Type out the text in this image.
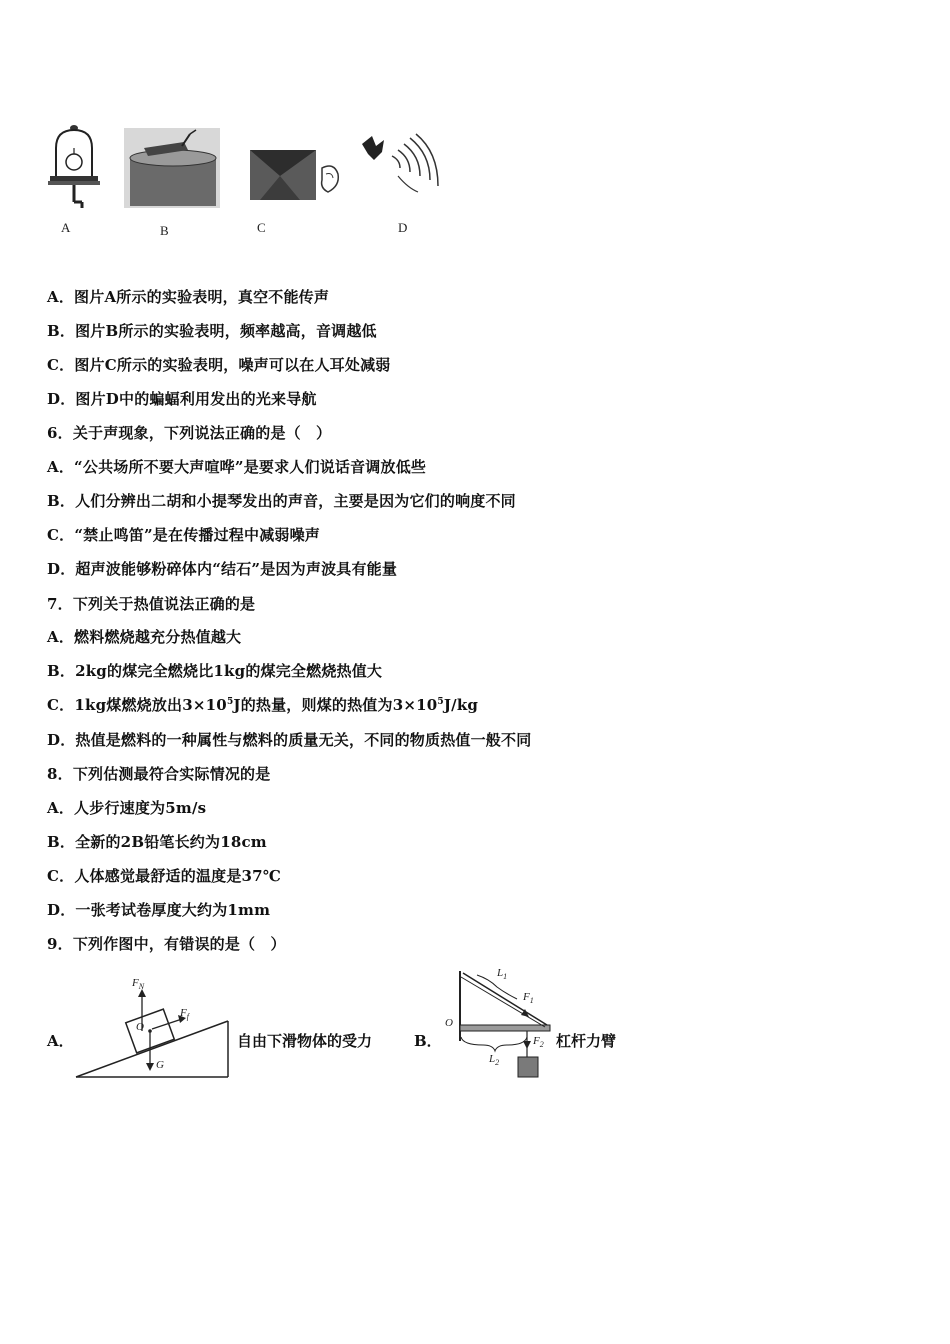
A	B	C	D
A．图片A所示的实验表明，真空不能传声
B．图片B所示的实验表明，频率越高，音调越低
C．图片C所示的实验表明，噪声可以在人耳处减弱
D．图片D中的蝙蝠利用发出的光来导航
6．关于声现象，下列说法正确的是（　）
A．“公共场所不要大声喧哗”是要求人们说话音调放低些
B．人们分辨出二胡和小提琴发出的声音，主要是因为它们的响度不同
C．“禁止鸣笛”是在传播过程中减弱噪声
D．超声波能够粉碎体内“结石”是因为声波具有能量
7．下列关于热值说法正确的是
A．燃料燃烧越充分热值越大
B．2kg的煤完全燃烧比1kg的煤完全燃烧热值大
C．1kg煤燃烧放出$3\times 10^5J$的热量，则煤的热值为$3\times 10^5J/kg$
D．热值是燃料的一种属性与燃料的质量无关，不同的物质热值一般不同
8．下列估测最符合实际情况的是
A．人步行速度为5m/s
B．全新的2B铅笔长约为18cm
C．人体感觉最舒适的温度是37℃
D．一张考试卷厚度大约为1mm
9．下列作图中，有错误的是（　）
A．
$F_N$
$F_f$
O
G
自由下滑物体的受力	B．
O
$L_1$
$F_1$
$L_2$
$F_2$ 杠杆力臂
